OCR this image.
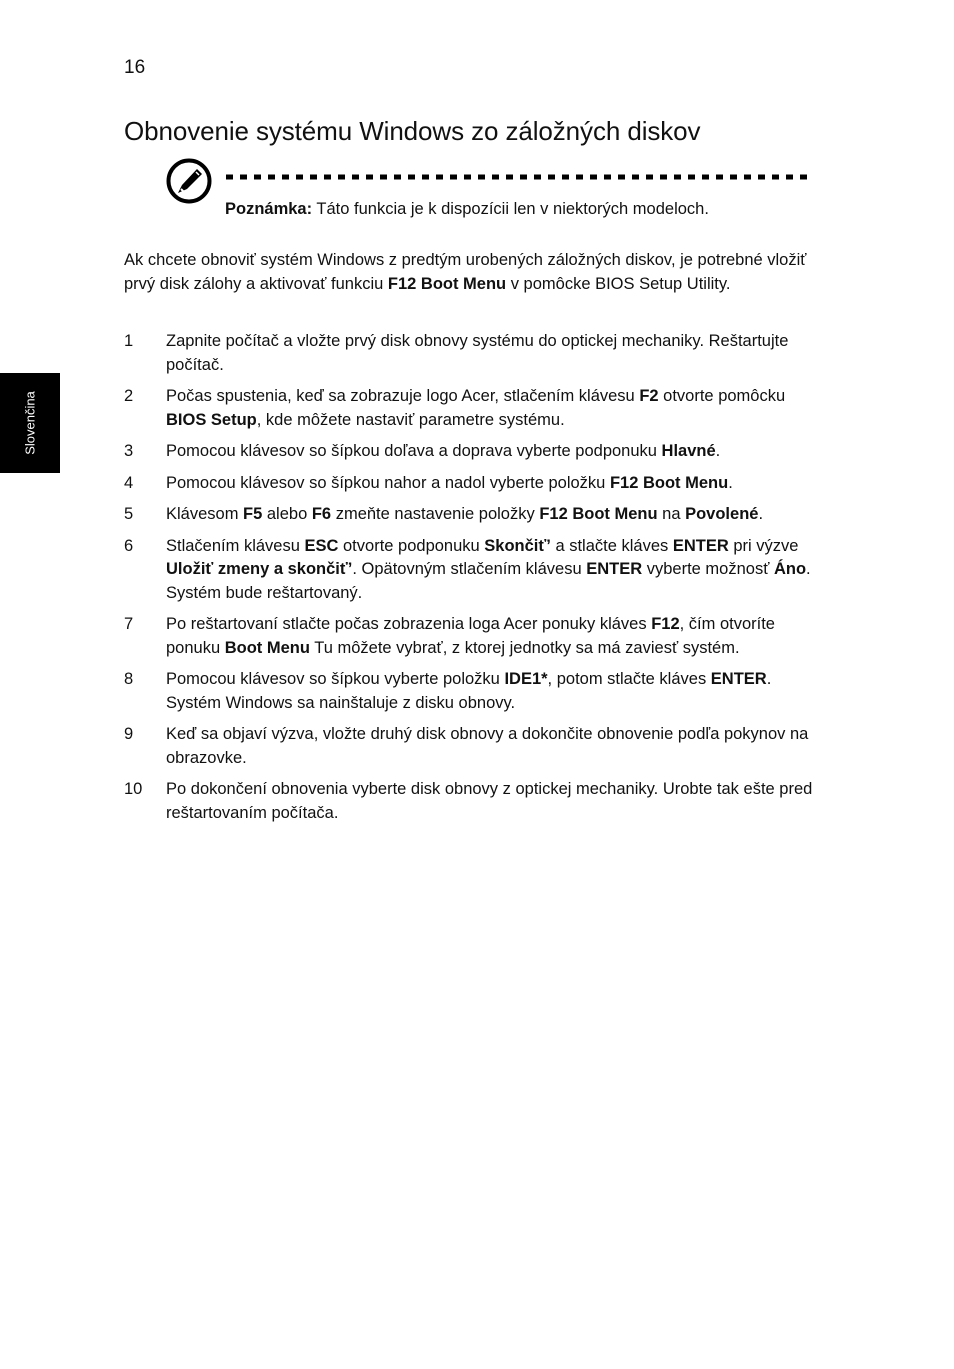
16
Obnovenie systému Windows zo záložných diskov
Slovenčina
Poznámka: Táto funkcia je k dispozícii len v niektorých modeloch.

Ak chcete obnoviť systém Windows z predtým urobených záložných diskov, je potrebné vložiť prvý disk zálohy a aktivovať funkciu F12 Boot Menu v pomôcke BIOS Setup Utility.

1 Zapnite počítač a vložte prvý disk obnovy systému do optickej mechaniky. Reštartujte počítač.
2 Počas spustenia, keď sa zobrazuje logo Acer, stlačením klávesu F2 otvorte pomôcku BIOS Setup, kde môžete nastaviť parametre systému.
3 Pomocou klávesov so šípkou doľava a doprava vyberte podponuku Hlavné.
4 Pomocou klávesov so šípkou nahor a nadol vyberte položku F12 Boot Menu.
5 Klávesom F5 alebo F6 zmeňte nastavenie položky F12 Boot Menu na Povolené.
6 Stlačením klávesu ESC otvorte podponuku Skončiť’ a stlačte kláves ENTER pri výzve Uložiť zmeny a skončiť’. Opätovným stlačením klávesu ENTER vyberte možnosť Áno. Systém bude reštartovaný.
7 Po reštartovaní stlačte počas zobrazenia loga Acer ponuky kláves F12, čím otvoríte ponuku Boot Menu Tu môžete vybrať, z ktorej jednotky sa má zaviesť systém.
8 Pomocou klávesov so šípkou vyberte položku IDE1*, potom stlačte kláves ENTER. Systém Windows sa nainštaluje z disku obnovy.
9 Keď sa objaví výzva, vložte druhý disk obnovy a dokončite obnovenie podľa pokynov na obrazovke.
10 Po dokončení obnovenia vyberte disk obnovy z optickej mechaniky. Urobte tak ešte pred reštartovaním počítača.
